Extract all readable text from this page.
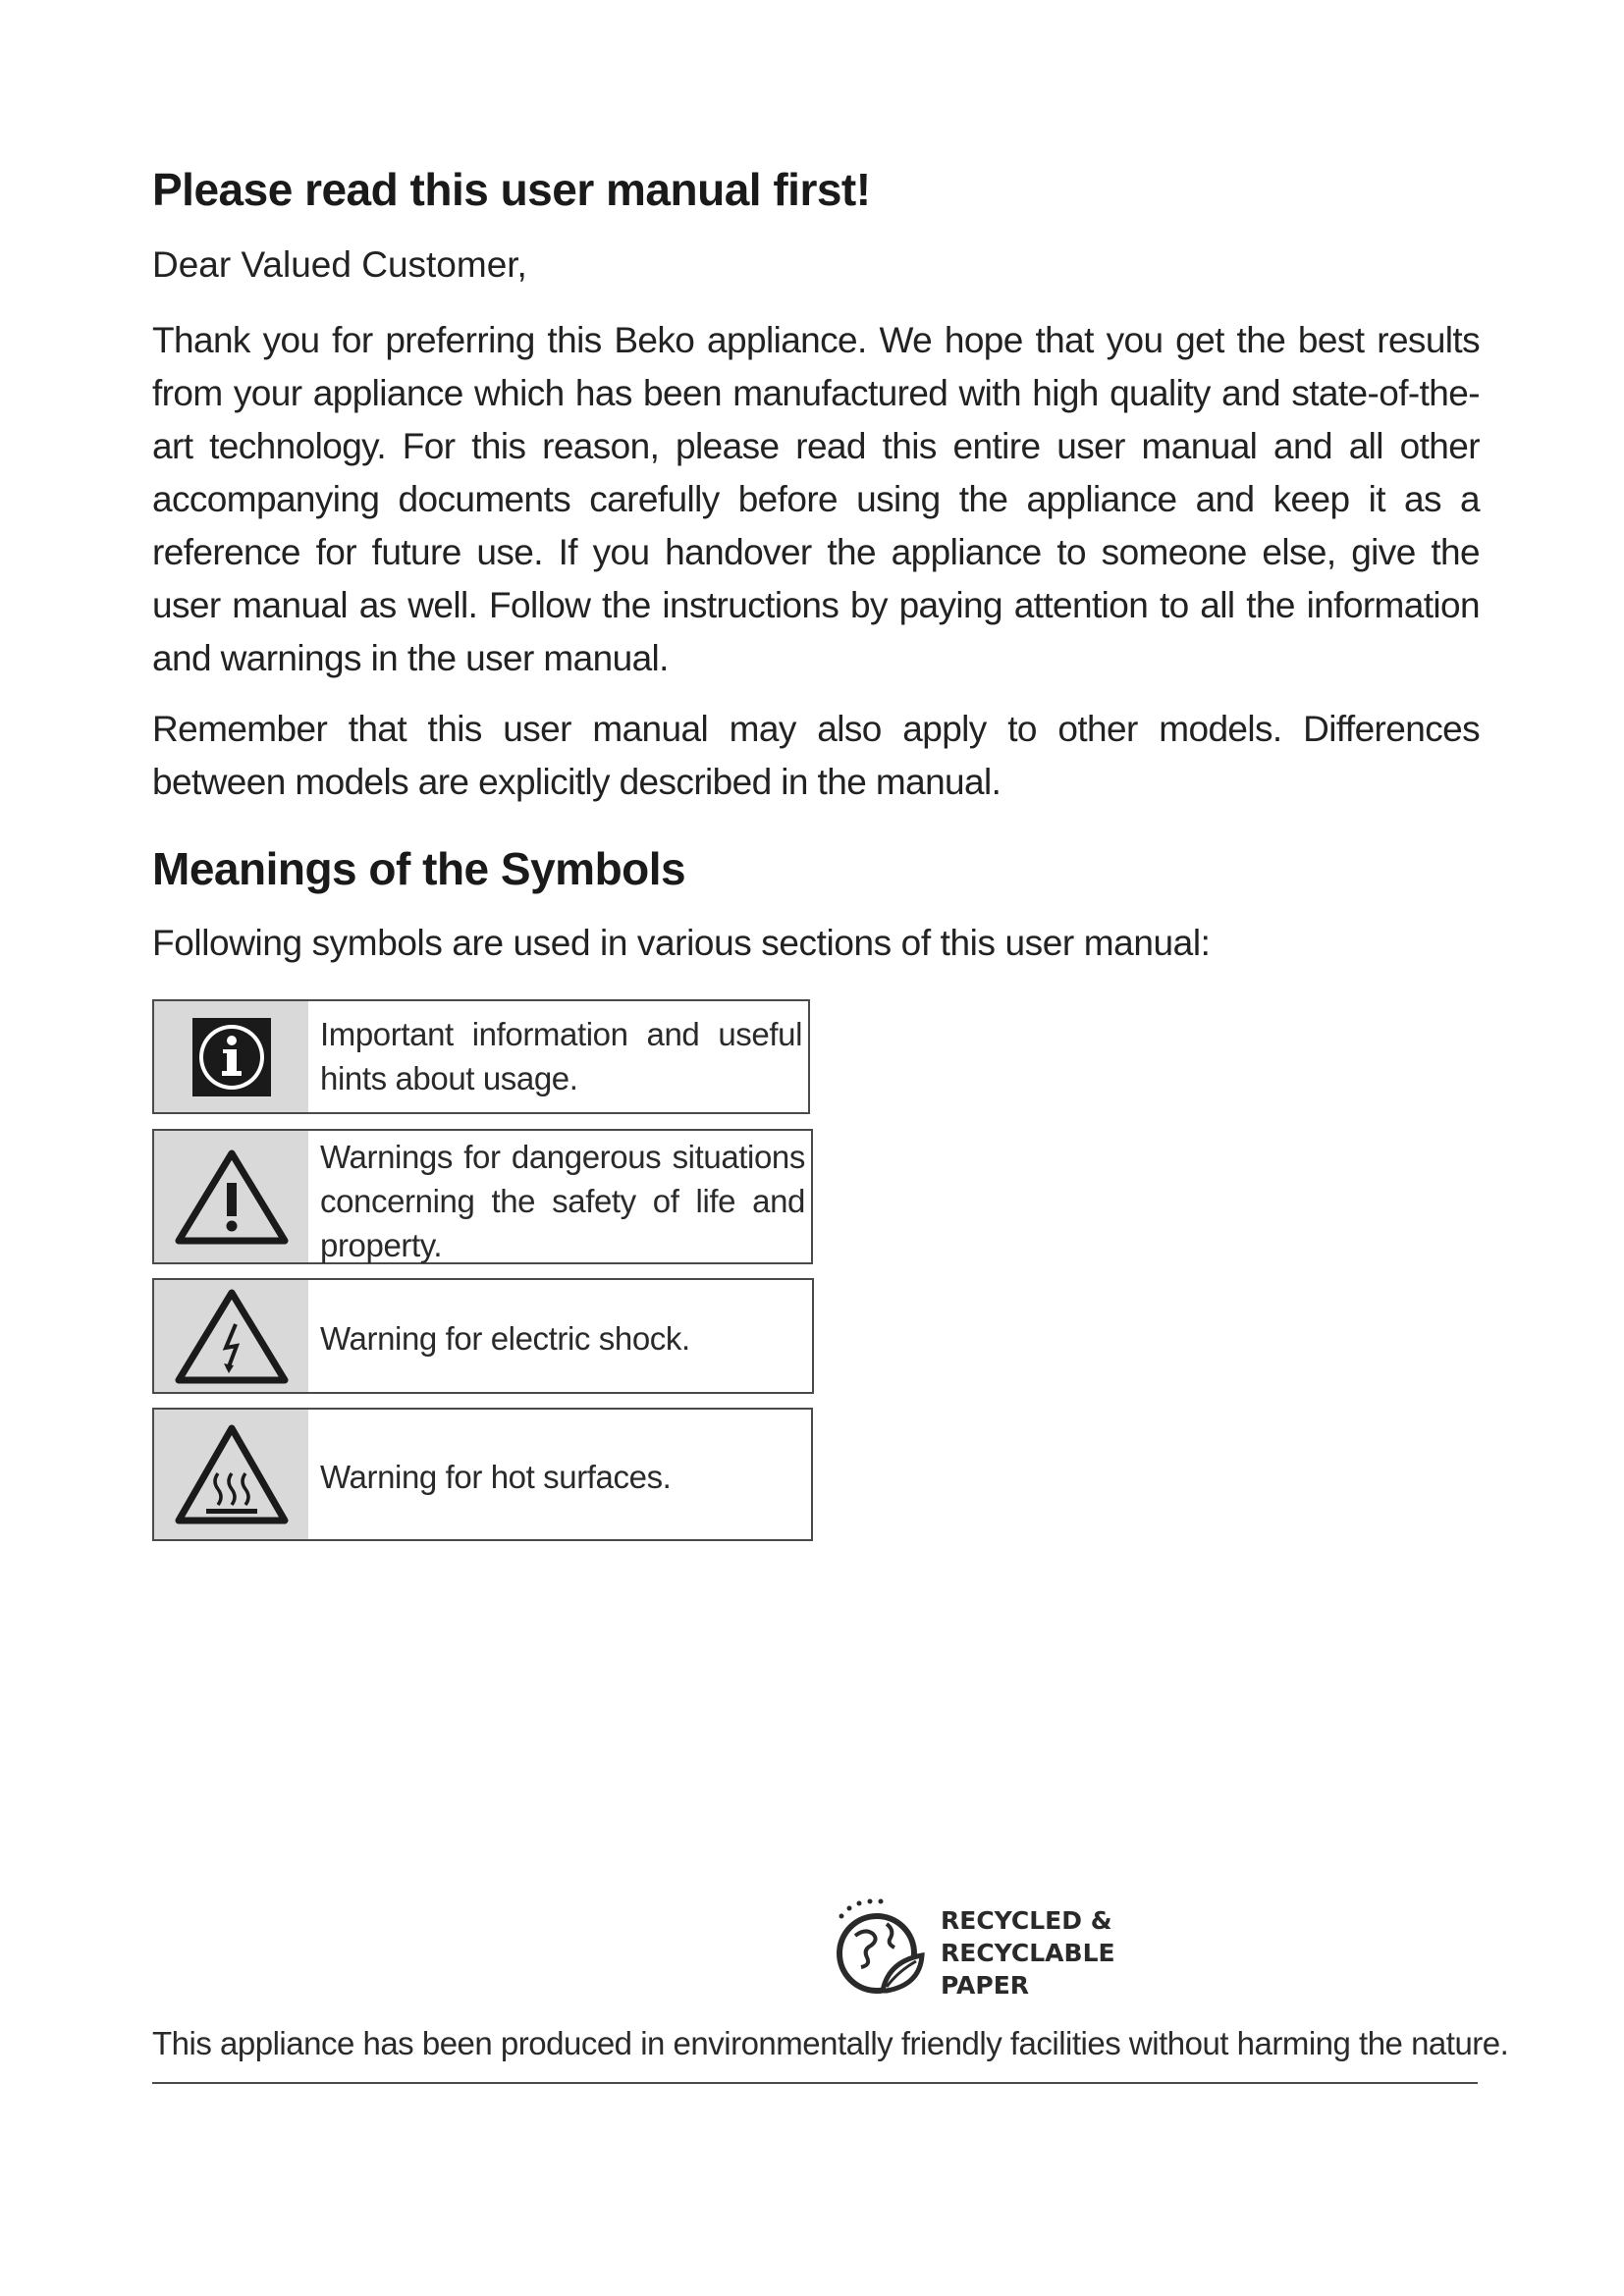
Please read this user manual first!

Dear Valued Customer,

Thank you for preferring this Beko appliance. We hope that you get the best results from your appliance which has been manufactured with high quality and state-of-the-art technology. For this reason, please read this entire user manual and all other accompanying documents carefully before using the appliance and keep it as a reference for future use. If you handover the appliance to someone else, give the user manual as well. Follow the instructions by paying attention to all the information and warnings in the user manual.

Remember that this user manual may also apply to other models. Differences between models are explicitly described in the manual.

Meanings of the Symbols

Following symbols are used in various sections of this user manual:

Important information and useful hints about usage.
Warnings for dangerous situations concerning the safety of life and property.
Warning for electric shock.
Warning for hot surfaces.
RECYCLED &
RECYCLABLE
PAPER

This appliance has been produced in environmentally friendly facilities without harming the nature.
